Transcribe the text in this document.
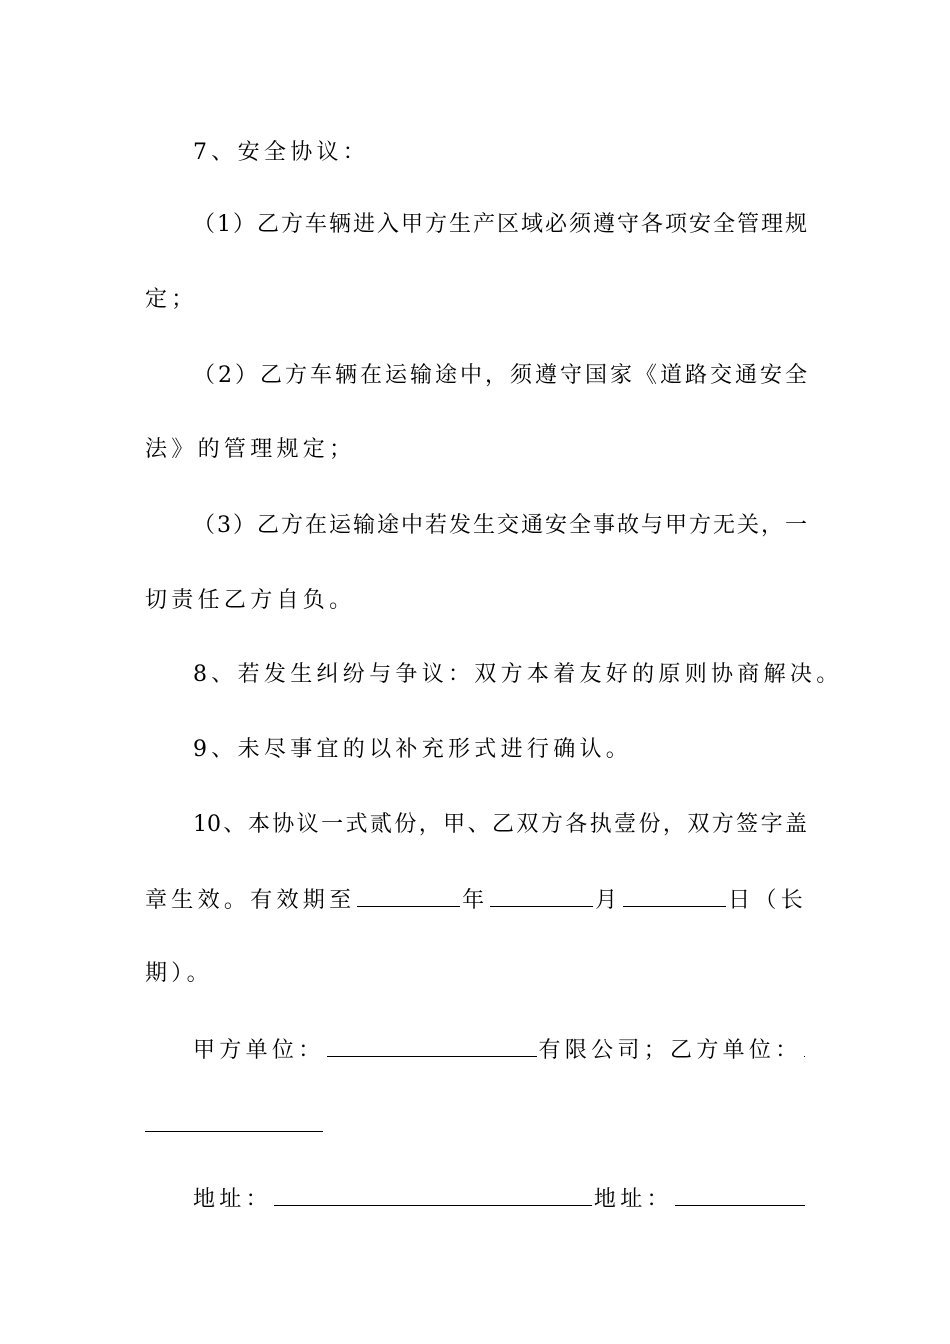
7、安全协议：
（1）乙方车辆进入甲方生产区域必须遵守各项安全管理规
定；
（2）乙方车辆在运输途中，须遵守国家《道路交通安全
法》的管理规定；
（3）乙方在运输途中若发生交通安全事故与甲方无关，一
切责任乙方自负。
8、若发生纠纷与争议：双方本着友好的原则协商解决。
9、未尽事宜的以补充形式进行确认。
10、本协议一式贰份，甲、乙双方各执壹份，双方签字盖
章生效。有效期至	年	月	日（长
期）。
甲方单位：	有限公司； 乙方单位：
地址：	地址：
